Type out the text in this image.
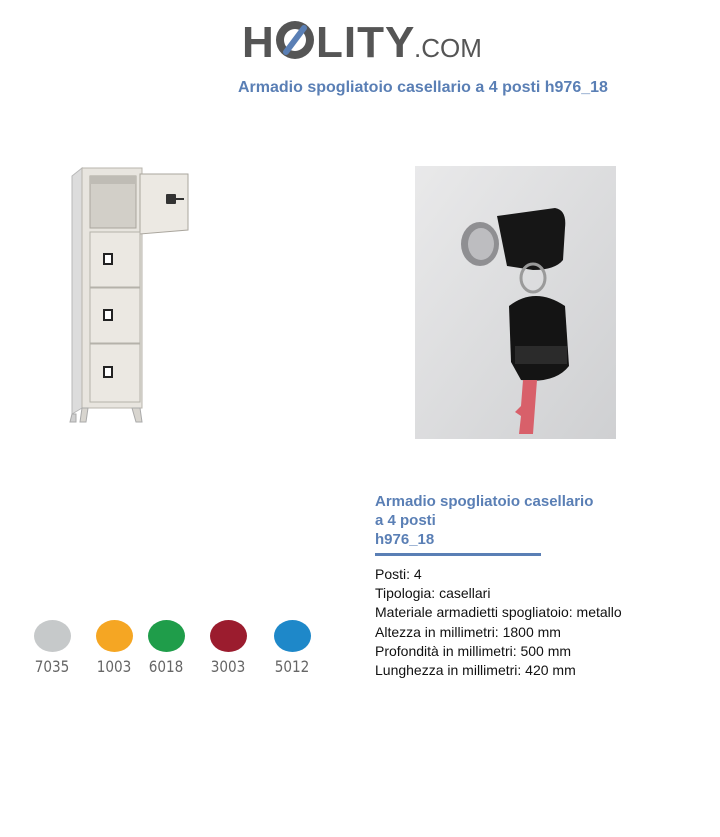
H LITY
.COM
Armadio spogliatoio casellario a 4 posti h976_18
Armadio spogliatoio casellario
a 4 posti
h976_18
Posti: 4
Tipologia: casellari
Materiale armadietti spogliatoio: metallo
Altezza in millimetri: 1800 mm
Profondità in millimetri: 500 mm
Lunghezza in millimetri: 420 mm
7035	1003	6018	3003	5012
